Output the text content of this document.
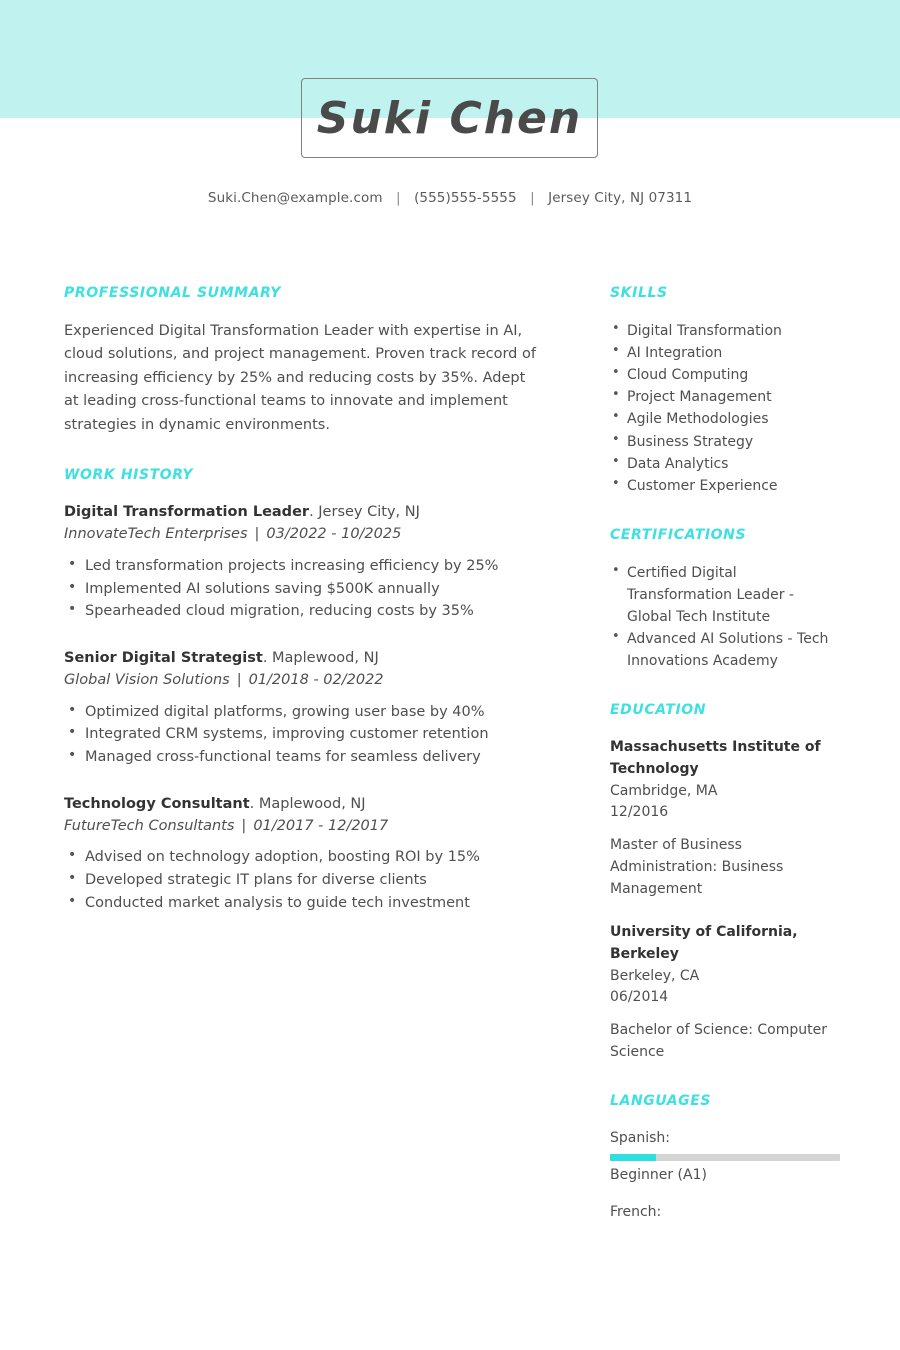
Suki Chen
Suki.Chen@example.com | (555)555-5555 | Jersey City, NJ 07311
PROFESSIONAL SUMMARY
Experienced Digital Transformation Leader with expertise in AI, cloud solutions, and project management. Proven track record of increasing efficiency by 25% and reducing costs by 35%. Adept at leading cross-functional teams to innovate and implement strategies in dynamic environments.
WORK HISTORY
Digital Transformation Leader. Jersey City, NJ
InnovateTech Enterprises | 03/2022 - 10/2025
• Led transformation projects increasing efficiency by 25%
• Implemented AI solutions saving $500K annually
• Spearheaded cloud migration, reducing costs by 35%
Senior Digital Strategist. Maplewood, NJ
Global Vision Solutions | 01/2018 - 02/2022
• Optimized digital platforms, growing user base by 40%
• Integrated CRM systems, improving customer retention
• Managed cross-functional teams for seamless delivery
Technology Consultant. Maplewood, NJ
FutureTech Consultants | 01/2017 - 12/2017
• Advised on technology adoption, boosting ROI by 15%
• Developed strategic IT plans for diverse clients
• Conducted market analysis to guide tech investment
SKILLS
• Digital Transformation
• AI Integration
• Cloud Computing
• Project Management
• Agile Methodologies
• Business Strategy
• Data Analytics
• Customer Experience
CERTIFICATIONS
• Certified Digital Transformation Leader - Global Tech Institute
• Advanced AI Solutions - Tech Innovations Academy
EDUCATION
Massachusetts Institute of Technology
Cambridge, MA
12/2016
Master of Business Administration: Business Management
University of California, Berkeley
Berkeley, CA
06/2014
Bachelor of Science: Computer Science
LANGUAGES
Spanish:
Beginner (A1)
French:
